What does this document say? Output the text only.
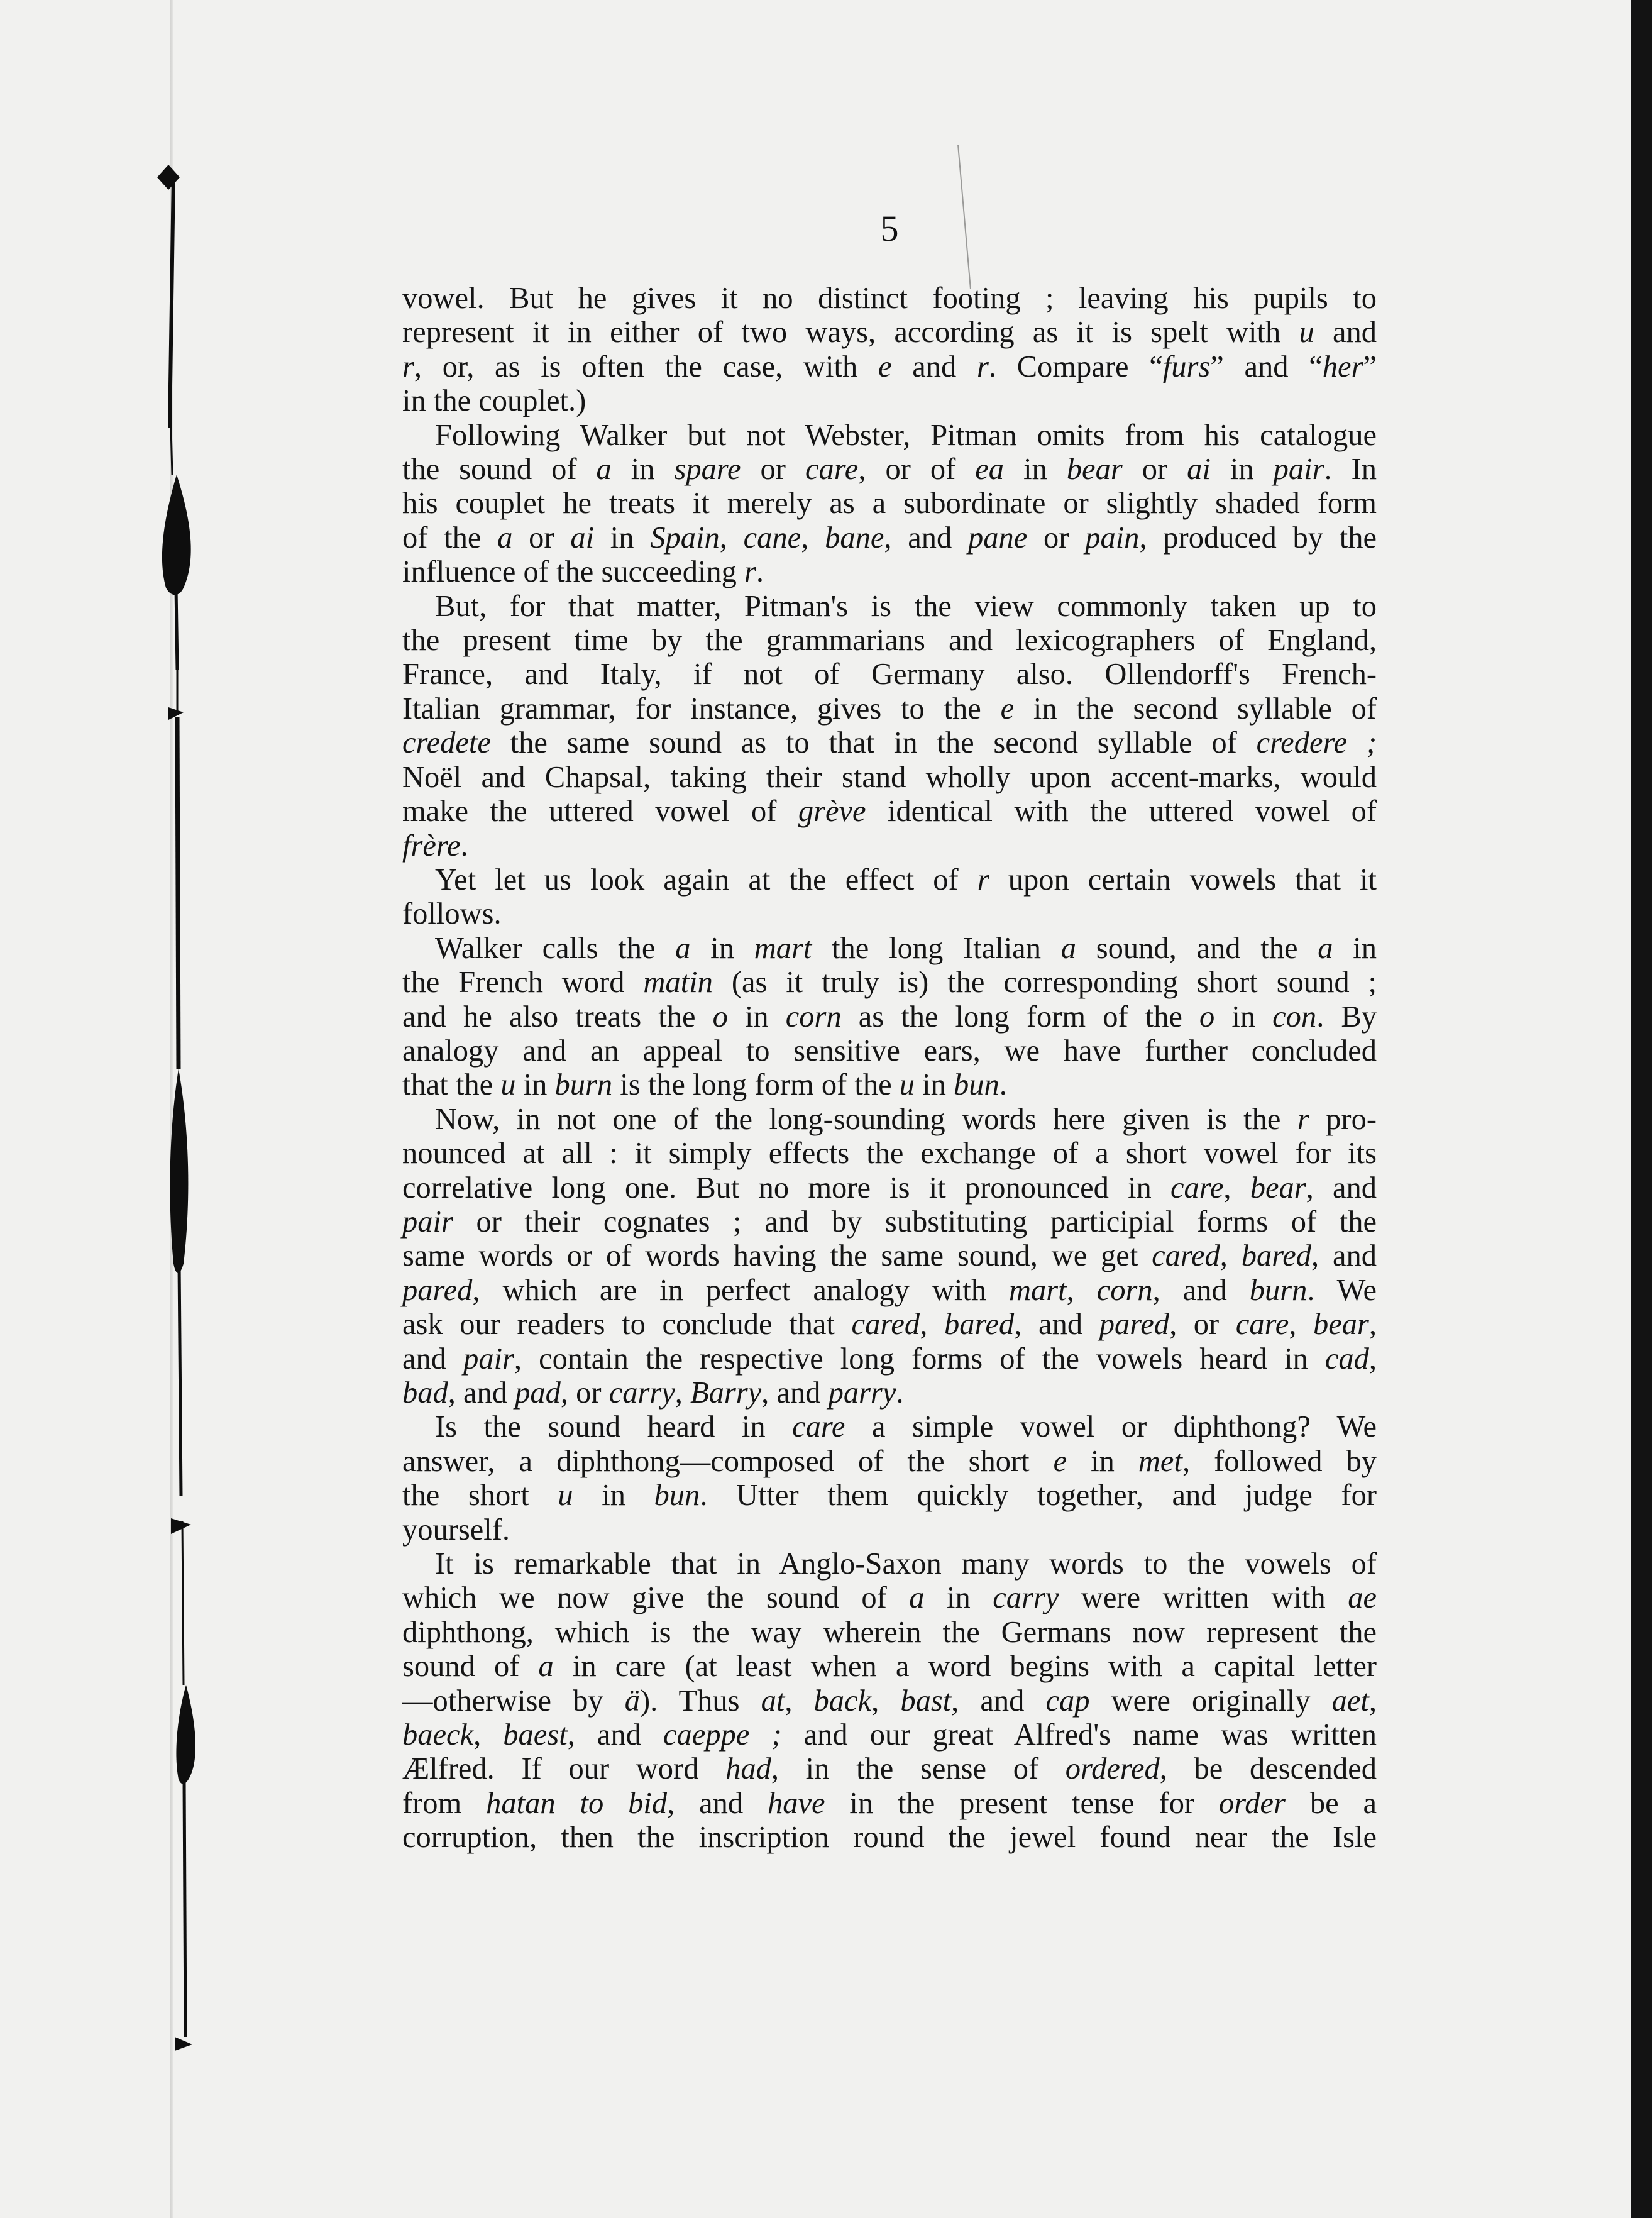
5

vowel. But he gives it no distinct footing ; leaving his pupils to

represent it in either of two ways, according as it is spelt with u and

r, or, as is often the case, with e and r. Compare “furs” and “her”

in the couplet.)

Following Walker but not Webster, Pitman omits from his catalogue

the sound of a in spare or care, or of ea in bear or ai in pair. In

his couplet he treats it merely as a subordinate or slightly shaded form

of the a or ai in Spain, cane, bane, and pane or pain, produced by the

influence of the succeeding r.

But, for that matter, Pitman's is the view commonly taken up to

the present time by the grammarians and lexicographers of England,

France, and Italy, if not of Germany also. Ollendorff's French-

Italian grammar, for instance, gives to the e in the second syllable of

credete the same sound as to that in the second syllable of credere ;

Noël and Chapsal, taking their stand wholly upon accent-marks, would

make the uttered vowel of grève identical with the uttered vowel of

frère.

Yet let us look again at the effect of r upon certain vowels that it

follows.

Walker calls the a in mart the long Italian a sound, and the a in

the French word matin (as it truly is) the corresponding short sound ;

and he also treats the o in corn as the long form of the o in con. By

analogy and an appeal to sensitive ears, we have further concluded

that the u in burn is the long form of the u in bun.

Now, in not one of the long-sounding words here given is the r pro-

nounced at all : it simply effects the exchange of a short vowel for its

correlative long one. But no more is it pronounced in care, bear, and

pair or their cognates ; and by substituting participial forms of the

same words or of words having the same sound, we get cared, bared, and

pared, which are in perfect analogy with mart, corn, and burn. We

ask our readers to conclude that cared, bared, and pared, or care, bear,

and pair, contain the respective long forms of the vowels heard in cad,

bad, and pad, or carry, Barry, and parry.

Is the sound heard in care a simple vowel or diphthong? We

answer, a diphthong—composed of the short e in met, followed by

the short u in bun. Utter them quickly together, and judge for

yourself.

It is remarkable that in Anglo-Saxon many words to the vowels of

which we now give the sound of a in carry were written with ae

diphthong, which is the way wherein the Germans now represent the

sound of a in care (at least when a word begins with a capital letter

—otherwise by ä). Thus at, back, bast, and cap were originally aet,

baeck, baest, and caeppe ; and our great Alfred's name was written

Ælfred. If our word had, in the sense of ordered, be descended

from hatan to bid, and have in the present tense for order be a

corruption, then the inscription round the jewel found near the Isle
